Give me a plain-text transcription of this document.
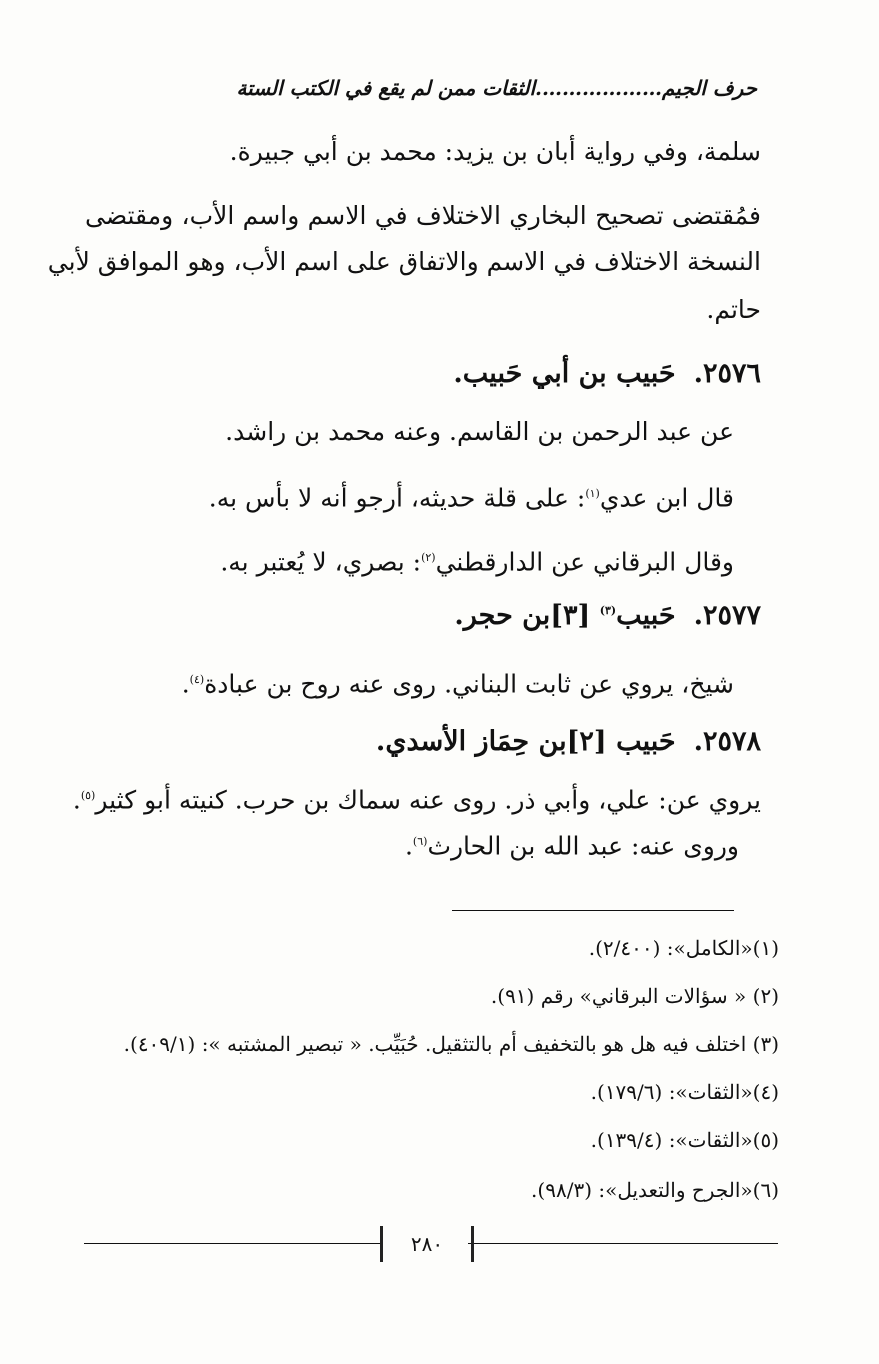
حرف الجيم……………….الثقات ممن لم يقع في الكتب الستة
سلمة، وفي رواية أبان بن يزيد: محمد بن أبي جبيرة.
فمُقتضى تصحيح البخاري الاختلاف في الاسم واسم الأب، ومقتضى
النسخة الاختلاف في الاسم والاتفاق على اسم الأب، وهو الموافق لأبي
حاتم.
٢٥٧٦.حَبيب بن أبي حَبيب.
عن عبد الرحمن بن القاسم. وعنه محمد بن راشد.
قال ابن عدي$^{(١)}$: على قلة حديثه، أرجو أنه لا بأس به.
وقال البرقاني عن الدارقطني$^{(٢)}$: بصري، لا يُعتبر به.
٢٥٧٧.حَبيب$^{(٣)}$ [٣]بن حجر.
شيخ، يروي عن ثابت البناني. روى عنه روح بن عبادة$^{(٤)}$.
٢٥٧٨.حَبيب [٢]بن حِمَاز الأسدي.
يروي عن: علي، وأبي ذر. روى عنه سماك بن حرب. كنيته أبو كثير$^{(٥)}$.
وروى عنه: عبد الله بن الحارث$^{(٦)}$.
(١)«الكامل»: (٢/٤٠٠).
(٢) « سؤالات البرقاني» رقم (٩١).
(٣) اختلف فيه هل هو بالتخفيف أم بالتثقيل. حُبَيِّب. « تبصير المشتبه »: (٤٠٩/١).
(٤)«الثقات»: (١٧٩/٦).
(٥)«الثقات»: (١٣٩/٤).
(٦)«الجرح والتعديل»: (٩٨/٣).
٢٨٠
